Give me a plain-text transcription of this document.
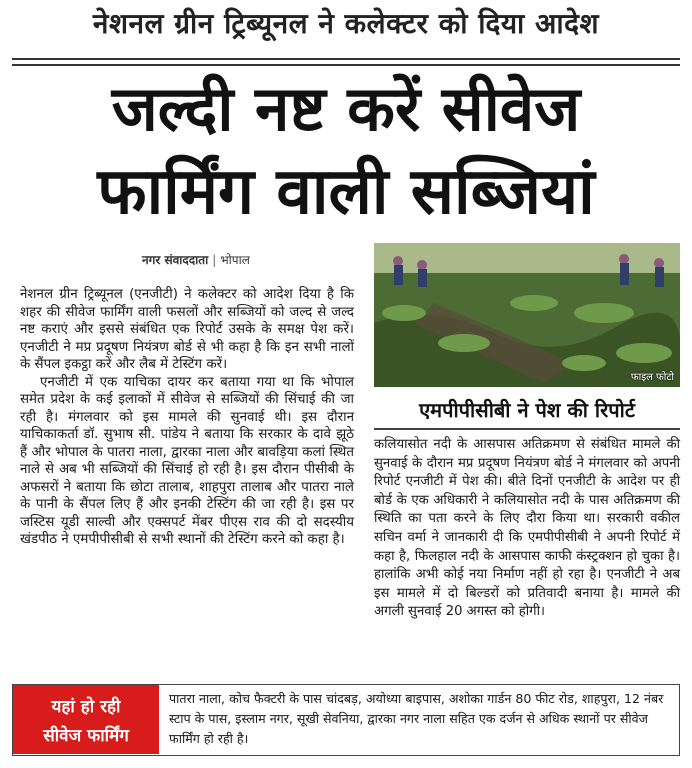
नेशनल ग्रीन ट्रिब्यूनल ने कलेक्टर को दिया आदेश
जल्दी नष्ट करें सीवेज
फार्मिंग वाली सब्जियां
नगर संवाददाता | भोपाल

नेशनल ग्रीन ट्रिब्यूनल (एनजीटी) ने कलेक्टर को आदेश दिया है कि शहर की सीवेज फार्मिंग वाली फसलों और सब्जियों को जल्द से जल्द नष्ट कराएं और इससे संबंधित एक रिपोर्ट उसके के समक्ष पेश करें। एनजीटी ने मप्र प्रदूषण नियंत्रण बोर्ड से भी कहा है कि इन सभी नालों के सैंपल इकट्ठा करें और लैब में टेस्टिंग करें।

एनजीटी में एक याचिका दायर कर बताया गया था कि भोपाल समेत प्रदेश के कई इलाकों में सीवेज से सब्जियों की सिंचाई की जा रही है। मंगलवार को इस मामले की सुनवाई थी। इस दौरान याचिकाकर्ता डॉ. सुभाष सी. पांडेय ने बताया कि सरकार के दावे झूठे हैं और भोपाल के पातरा नाला, द्वारका नाला और बावड़िया कलां स्थित नाले से अब भी सब्जियों की सिंचाई हो रही है। इस दौरान पीसीबी के अफसरों ने बताया कि छोटा तालाब, शाहपुरा तालाब और पातरा नाले के पानी के सैंपल लिए हैं और इनकी टेस्टिंग की जा रही है। इस पर जस्टिस यूडी साल्वी और एक्सपर्ट मेंबर पीएस राव की दो सदस्यीय खंडपीठ ने एमपीपीसीबी से सभी स्थानों की टेस्टिंग करने को कहा है।

फाइल फोटो
एमपीपीसीबी ने पेश की रिपोर्ट

कलियासोत नदी के आसपास अतिक्रमण से संबंधित मामले की सुनवाई के दौरान मप्र प्रदूषण नियंत्रण बोर्ड ने मंगलवार को अपनी रिपोर्ट एनजीटी में पेश की। बीते दिनों एनजीटी के आदेश पर ही बोर्ड के एक अधिकारी ने कलियासोत नदी के पास अतिक्रमण की स्थिति का पता करने के लिए दौरा किया था। सरकारी वकील सचिन वर्मा ने जानकारी दी कि एमपीपीसीबी ने अपनी रिपोर्ट में कहा है, फिलहाल नदी के आसपास काफी कंस्ट्रक्शन हो चुका है। हालांकि अभी कोई नया निर्माण नहीं हो रहा है। एनजीटी ने अब इस मामले में दो बिल्डरों को प्रतिवादी बनाया है। मामले की अगली सुनवाई 20 अगस्त को होगी।

यहां हो रही
सीवेज फार्मिंग
पातरा नाला, कोच फैक्टरी के पास चांदबड़, अयोध्या बाइपास, अशोका गार्डन 80 फीट रोड, शाहपुरा, 12 नंबर स्टाप के पास, इस्लाम नगर, सूखी सेवनिया, द्वारका नगर नाला सहित एक दर्जन से अधिक स्थानों पर सीवेज फार्मिंग हो रही है।
